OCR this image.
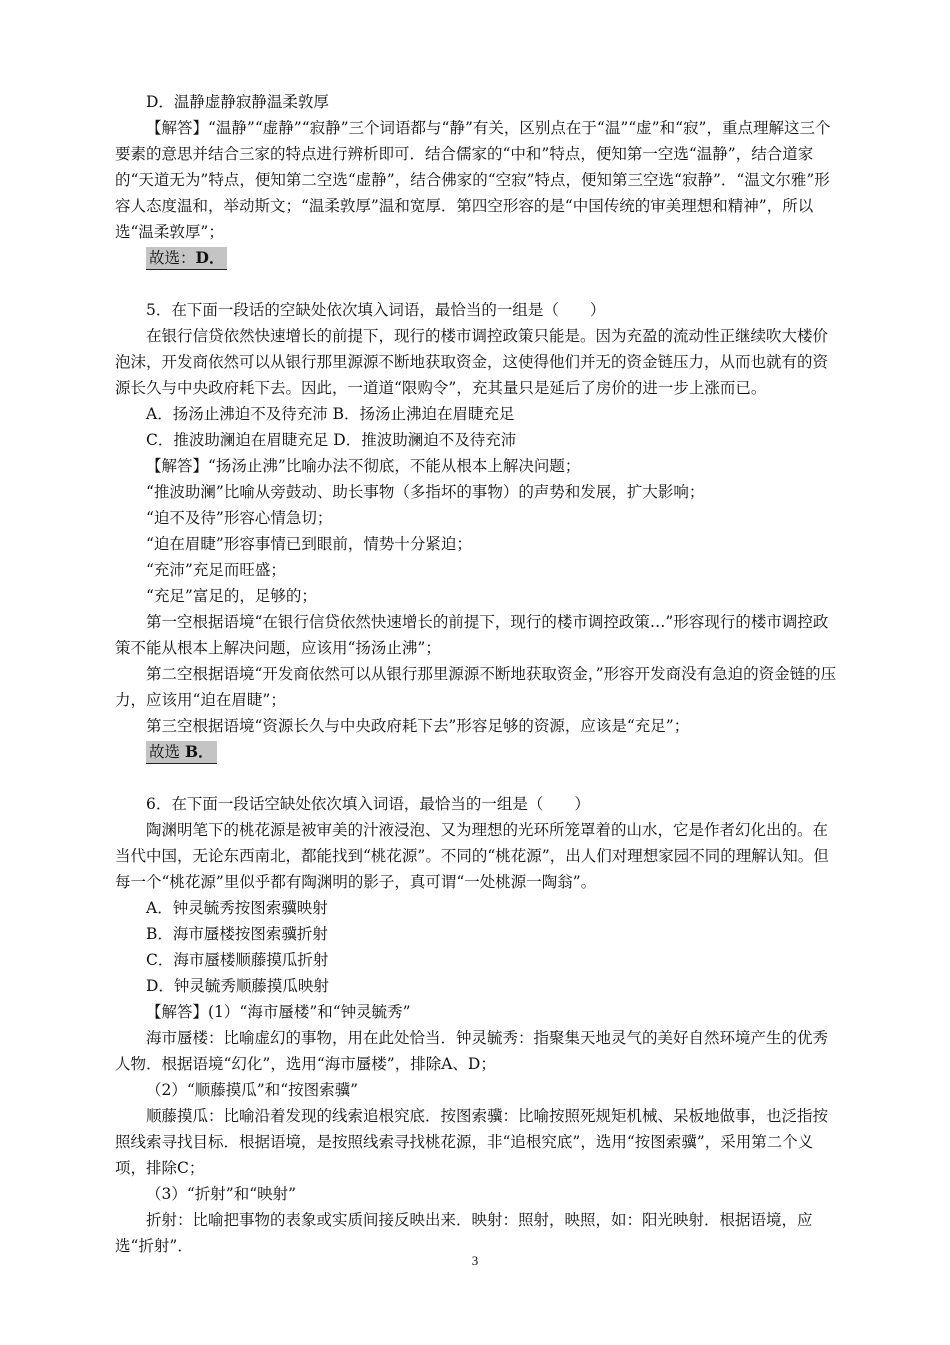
D．温静虚静寂静温柔敦厚

【解答】“温静”“虚静”“寂静”三个词语都与“静”有关，区别点在于“温”“虚”和“寂”，重点理解这三个要素的意思并结合三家的特点进行辨析即可．结合儒家的“中和”特点，便知第一空选“温静”，结合道家的“天道无为”特点，便知第二空选“虚静”，结合佛家的“空寂”特点，便知第三空选“寂静”．“温文尔雅”形容人态度温和，举动斯文；“温柔敦厚”温和宽厚．第四空形容的是“中国传统的审美理想和精神”，所以选“温柔敦厚”；

故选：D．

5．在下面一段话的空缺处依次填入词语，最恰当的一组是（　　）

在银行信贷依然快速增长的前提下，现行的楼市调控政策只能是。因为充盈的流动性正继续吹大楼价泡沫，开发商依然可以从银行那里源源不断地获取资金，这使得他们并无的资金链压力，从而也就有的资源长久与中央政府耗下去。因此，一道道“限购令”，充其量只是延后了房价的进一步上涨而已。

A．扬汤止沸迫不及待充沛 B．扬汤止沸迫在眉睫充足

C．推波助澜迫在眉睫充足 D．推波助澜迫不及待充沛

【解答】“扬汤止沸”比喻办法不彻底，不能从根本上解决问题；

“推波助澜”比喻从旁鼓动、助长事物（多指坏的事物）的声势和发展，扩大影响；

“迫不及待”形容心情急切；

“迫在眉睫”形容事情已到眼前，情势十分紧迫；

“充沛”充足而旺盛；

“充足”富足的，足够的；

第一空根据语境“在银行信贷依然快速增长的前提下，现行的楼市调控政策…”形容现行的楼市调控政策不能从根本上解决问题，应该用“扬汤止沸”；

第二空根据语境“开发商依然可以从银行那里源源不断地获取资金，”形容开发商没有急迫的资金链的压力，应该用“迫在眉睫”；

第三空根据语境“资源长久与中央政府耗下去”形容足够的资源，应该是“充足”；

故选 B．

6．在下面一段话空缺处依次填入词语，最恰当的一组是（　　）

陶渊明笔下的桃花源是被审美的汁液浸泡、又为理想的光环所笼罩着的山水，它是作者幻化出的。在当代中国，无论东西南北，都能找到“桃花源”。不同的“桃花源”，出人们对理想家园不同的理解认知。但每一个“桃花源”里似乎都有陶渊明的影子，真可谓“一处桃源一陶翁”。

A．钟灵毓秀按图索骥映射

B．海市蜃楼按图索骥折射

C．海市蜃楼顺藤摸瓜折射

D．钟灵毓秀顺藤摸瓜映射

【解答】(1）“海市蜃楼”和“钟灵毓秀”

海市蜃楼：比喻虚幻的事物，用在此处恰当．钟灵毓秀：指聚集天地灵气的美好自然环境产生的优秀人物．根据语境“幻化”，选用“海市蜃楼”，排除A、D；

（2）“顺藤摸瓜”和“按图索骥”

顺藤摸瓜：比喻沿着发现的线索追根究底．按图索骥：比喻按照死规矩机械、呆板地做事，也泛指按照线索寻找目标．根据语境，是按照线索寻找桃花源，非“追根究底”，选用“按图索骥”，采用第二个义项，排除C；

（3）“折射”和“映射”

折射：比喻把事物的表象或实质间接反映出来．映射：照射，映照，如：阳光映射．根据语境，应选“折射”．

3
